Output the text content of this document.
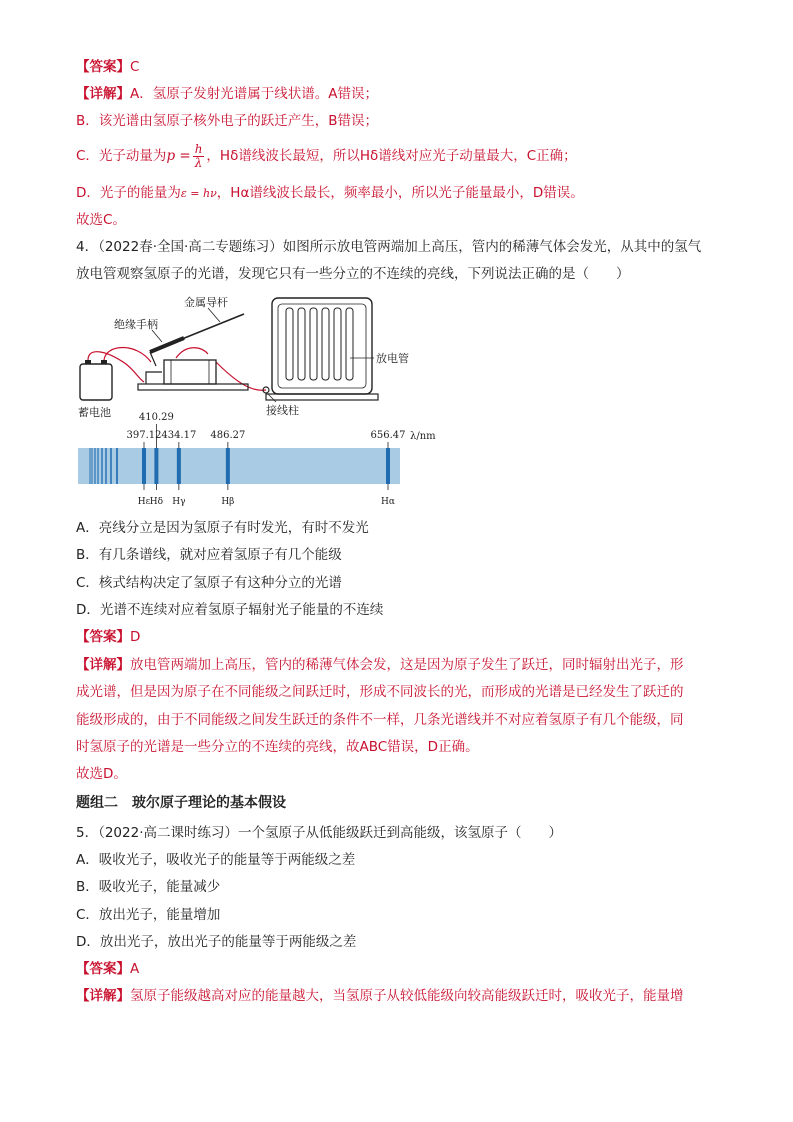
【答案】C
【详解】A．氢原子发射光谱属于线状谱。A错误；
B．该光谱由氢原子核外电子的跃迁产生，B错误；
C．光子动量为$p = \frac{h}{\lambda}$ ，Hδ谱线波长最短，所以Hδ谱线对应光子动量最大，C正确；
D．光子的能量为ε = hν，Hα谱线波长最长，频率最小，所以光子能量最小，D错误。
故选C。
4．（2022春·全国·高二专题练习）如图所示放电管两端加上高压，管内的稀薄气体会发光，从其中的氢气
放电管观察氢原子的光谱，发现它只有一些分立的不连续的亮线，下列说法正确的是（　　）
蓄电池
金属导杆
绝缘手柄
放电管
接线柱
397.12
Hε
410.29
Hδ
434.17
Hγ
486.27
Hβ
656.47
Hα
λ/nm
A．亮线分立是因为氢原子有时发光，有时不发光
B．有几条谱线，就对应着氢原子有几个能级
C．核式结构决定了氢原子有这种分立的光谱
D．光谱不连续对应着氢原子辐射光子能量的不连续
【答案】D
【详解】放电管两端加上高压，管内的稀薄气体会发，这是因为原子发生了跃迁，同时辐射出光子，形
成光谱，但是因为原子在不同能级之间跃迁时，形成不同波长的光，而形成的光谱是已经发生了跃迁的
能级形成的，由于不同能级之间发生跃迁的条件不一样，几条光谱线并不对应着氢原子有几个能级，同
时氢原子的光谱是一些分立的不连续的亮线，故ABC错误，D正确。
故选D。
题组二　玻尔原子理论的基本假设
5．（2022·高二课时练习）一个氢原子从低能级跃迁到高能级，该氢原子（　　）
A．吸收光子，吸收光子的能量等于两能级之差
B．吸收光子，能量减少
C．放出光子，能量增加
D．放出光子，放出光子的能量等于两能级之差
【答案】A
【详解】氢原子能级越高对应的能量越大，当氢原子从较低能级向较高能级跃迁时，吸收光子，能量增
